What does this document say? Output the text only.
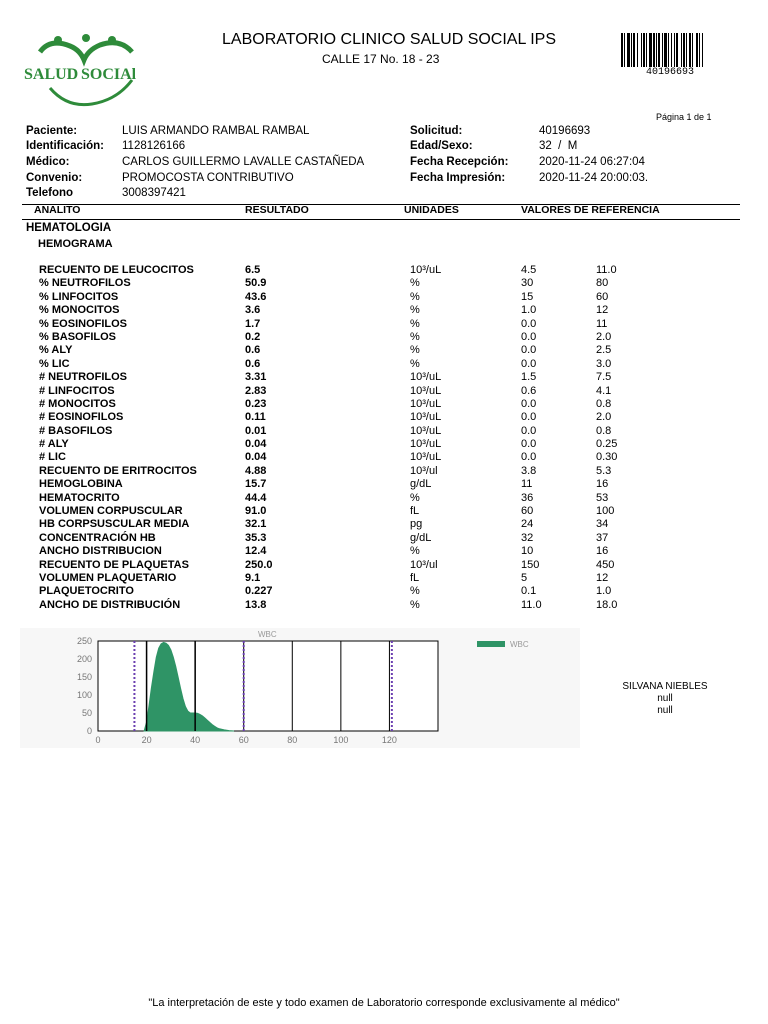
SALUD SOCIAl
LABORATORIO CLINICO SALUD SOCIAL IPS
CALLE 17 No. 18 - 23
40196693
Página 1 de 1
Paciente:	LUIS ARMANDO RAMBAL RAMBAL
Identificación: 1128126166
Médico:	CARLOS GUILLERMO LAVALLE CASTAÑEDA
Convenio:	PROMOCOSTA CONTRIBUTIVO
Telefono	3008397421
Solicitud:	40196693
Edad/Sexo:	32  /  M
Fecha Recepción:	2020-11-24 06:27:04
Fecha Impresión:	2020-11-24 20:00:03.
ANALITO	RESULTADO	UNIDADES	VALORES DE REFERENCIA
HEMATOLOGIA
HEMOGRAMA
RECUENTO DE LEUCOCITOS	6.5	10³/uL	4.5	11.0
% NEUTROFILOS	50.9	%	30	80
% LINFOCITOS	43.6	%	15	60
% MONOCITOS	3.6	%	1.0	12
% EOSINOFILOS	1.7	%	0.0	11
% BASOFILOS	0.2	%	0.0	2.0
% ALY	0.6	%	0.0	2.5
% LIC	0.6	%	0.0	3.0
# NEUTROFILOS	3.31	10³/uL	1.5	7.5
# LINFOCITOS	2.83	10³/uL	0.6	4.1
# MONOCITOS	0.23	10³/uL	0.0	0.8
# EOSINOFILOS	0.11	10³/uL	0.0	2.0
# BASOFILOS	0.01	10³/uL	0.0	0.8
# ALY	0.04	10³/uL	0.0	0.25
# LIC	0.04	10³/uL	0.0	0.30
RECUENTO DE ERITROCITOS	4.88	10³/ul	3.8	5.3
HEMOGLOBINA	15.7	g/dL	11	16
HEMATOCRITO	44.4	%	36	53
VOLUMEN CORPUSCULAR	91.0	fL	60	100
HB CORPSUSCULAR MEDIA	32.1	pg	24	34
CONCENTRACIÓN HB	35.3	g/dL	32	37
ANCHO DISTRIBUCION	12.4	%	10	16
RECUENTO DE PLAQUETAS	250.0	10³/ul	150	450
VOLUMEN PLAQUETARIO	9.1	fL	5	12
PLAQUETOCRITO	0.227	%	0.1	1.0
ANCHO DE DISTRIBUCIÓN	13.8	%	11.0	18.0
0	20	40	60	80	100	120
250
200
150
100
50
0
WBC
WBC
SILVANA NIEBLES
null
null
"La interpretación de este y todo examen de Laboratorio corresponde exclusivamente al médico"
